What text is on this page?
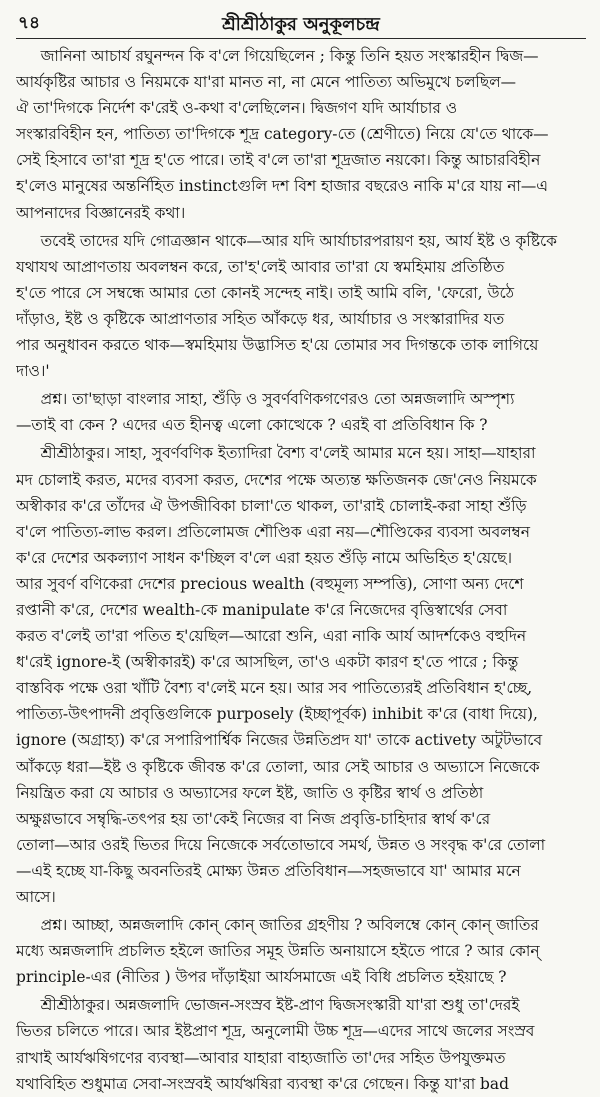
৭৪	শ্রীশ্রীঠাকুর অনুকূলচন্দ্র
জানিনা আচার্য রঘুনন্দন কি ব'লে গিয়েছিলেন ; কিন্তু তিনি হয়ত সংস্কারহীন দ্বিজ—
আর্যকৃষ্টির আচার ও নিয়মকে যা'রা মানত না, না মেনে পাতিত্য অভিমুখে চলছিল—
ঐ তা'দিগকে নির্দেশ ক'রেই ও-কথা ব'লেছিলেন। দ্বিজগণ যদি আর্যাচার ও
সংস্কারবিহীন হন, পাতিত্য তা'দিগকে শূদ্র category-তে (শ্রেণীতে) নিয়ে যে'তে থাকে—
সেই হিসাবে তা'রা শূদ্র হ'তে পারে। তাই ব'লে তা'রা শূদ্রজাত নয়কো। কিন্তু আচারবিহীন
হ'লেও মানুষের অন্তর্নিহিত instinctগুলি দশ বিশ হাজার বছরেও নাকি ম'রে যায় না—এ
আপনাদের বিজ্ঞানেরই কথা।
তবেই তাদের যদি গোত্রজ্ঞান থাকে—আর যদি আর্যাচারপরায়ণ হয়, আর্য ইষ্ট ও কৃষ্টিকে
যথাযথ আপ্রাণতায় অবলম্বন করে, তা'হ'লেই আবার তা'রা যে স্বমহিমায় প্রতিষ্ঠিত
হ'তে পারে সে সম্বন্ধে আমার তো কোনই সন্দেহ নাই। তাই আমি বলি, 'ফেরো, উঠে
দাঁড়াও, ইষ্ট ও কৃষ্টিকে আপ্রাণতার সহিত আঁকড়ে ধর, আর্যাচার ও সংস্কারাদির যত
পার অনুধাবন করতে থাক—স্বমহিমায় উদ্ভাসিত হ'য়ে তোমার সব দিগন্তকে তাক লাগিয়ে
দাও।'
প্রশ্ন। তা'ছাড়া বাংলার সাহা, শুঁড়ি ও সুবর্ণবণিকগণেরও তো অন্নজলাদি অস্পৃশ্য
—তাই বা কেন ? এদের এত হীনত্ব এলো কোত্থেকে ? এরই বা প্রতিবিধান কি ?
শ্রীশ্রীঠাকুর। সাহা, সুবর্ণবণিক ইত্যাদিরা বৈশ্য ব'লেই আমার মনে হয়। সাহা—যাহারা
মদ চোলাই করত, মদের ব্যবসা করত, দেশের পক্ষে অত্যন্ত ক্ষতিজনক জে'নেও নিয়মকে
অস্বীকার ক'রে তাঁদের ঐ উপজীবিকা চালা'তে থাকল, তা'রাই চোলাই-করা সাহা শুঁড়ি
ব'লে পাতিত্য-লাভ করল। প্রতিলোমজ শৌণ্ডিক এরা নয়—শৌণ্ডিকের ব্যবসা অবলম্বন
ক'রে দেশের অকল্যাণ সাধন ক'চ্ছিল ব'লে এরা হয়ত শুঁড়ি নামে অভিহিত হ'য়েছে।
আর সুবর্ণ বণিকেরা দেশের precious wealth (বহুমূল্য সম্পত্তি), সোণা অন্য দেশে
রপ্তানী ক'রে, দেশের wealth-কে manipulate ক'রে নিজেদের বৃত্তিস্বার্থের সেবা
করত ব'লেই তা'রা পতিত হ'য়েছিল—আরো শুনি, এরা নাকি আর্য আদর্শকেও বহুদিন
ধ'রেই ignore-ই (অস্বীকারই) ক'রে আসছিল, তা'ও একটা কারণ হ'তে পারে ; কিন্তু
বাস্তবিক পক্ষে ওরা খাঁটি বৈশ্য ব'লেই মনে হয়। আর সব পাতিত্যেরই প্রতিবিধান হ'চ্ছে,
পাতিত্য-উৎপাদনী প্রবৃত্তিগুলিকে purposely (ইচ্ছাপূর্বক) inhibit ক'রে (বাধা দিয়ে),
ignore (অগ্রাহ্য) ক'রে সপারিপার্শ্বিক নিজের উন্নতিপ্রদ যা' তাকে activety অটুটভাবে
আঁকড়ে ধরা—ইষ্ট ও কৃষ্টিকে জীবন্ত ক'রে তোলা, আর সেই আচার ও অভ্যাসে নিজেকে
নিয়ন্ত্রিত করা যে আচার ও অভ্যাসের ফলে ইষ্ট, জাতি ও কৃষ্টির স্বার্থ ও প্রতিষ্ঠা
অক্ষুণ্ণভাবে সম্বৃদ্ধি-তৎপর হয় তা'কেই নিজের বা নিজ প্রবৃত্তি-চাহিদার স্বার্থ ক'রে
তোলা—আর ওরই ভিতর দিয়ে নিজেকে সর্বতোভাবে সমর্থ, উন্নত ও সংবৃদ্ধ ক'রে তোলা
—এই হচ্ছে যা-কিছু অবনতিরই মোক্ষ্য উন্নত প্রতিবিধান—সহজভাবে যা' আমার মনে
আসে।
প্রশ্ন। আচ্ছা, অন্নজলাদি কোন্ কোন্ জাতির গ্রহণীয় ? অবিলম্বে কোন্ কোন্ জাতির
মধ্যে অন্নজলাদি প্রচলিত হইলে জাতির সমূহ উন্নতি অনায়াসে হইতে পারে ? আর কোন্
principle-এর (নীতির ) উপর দাঁড়াইয়া আর্যসমাজে এই বিধি প্রচলিত হইয়াছে ?
শ্রীশ্রীঠাকুর। অন্নজলাদি ভোজন-সংস্রব ইষ্ট-প্রাণ দ্বিজসংস্কারী যা'রা শুধু তা'দেরই
ভিতর চলিতে পারে। আর ইষ্টপ্রাণ শূদ্র, অনুলোমী উচ্চ শূদ্র—এদের সাথে জলের সংস্রব
রাখাই আর্যঋষিগণের ব্যবস্থা—আবার যাহারা বাহ্যজাতি তা'দের সহিত উপযুক্তমত
যথাবিহিত শুধুমাত্র সেবা-সংস্রবই আর্যঋষিরা ব্যবস্থা ক'রে গেছেন। কিন্তু যা'রা bad
